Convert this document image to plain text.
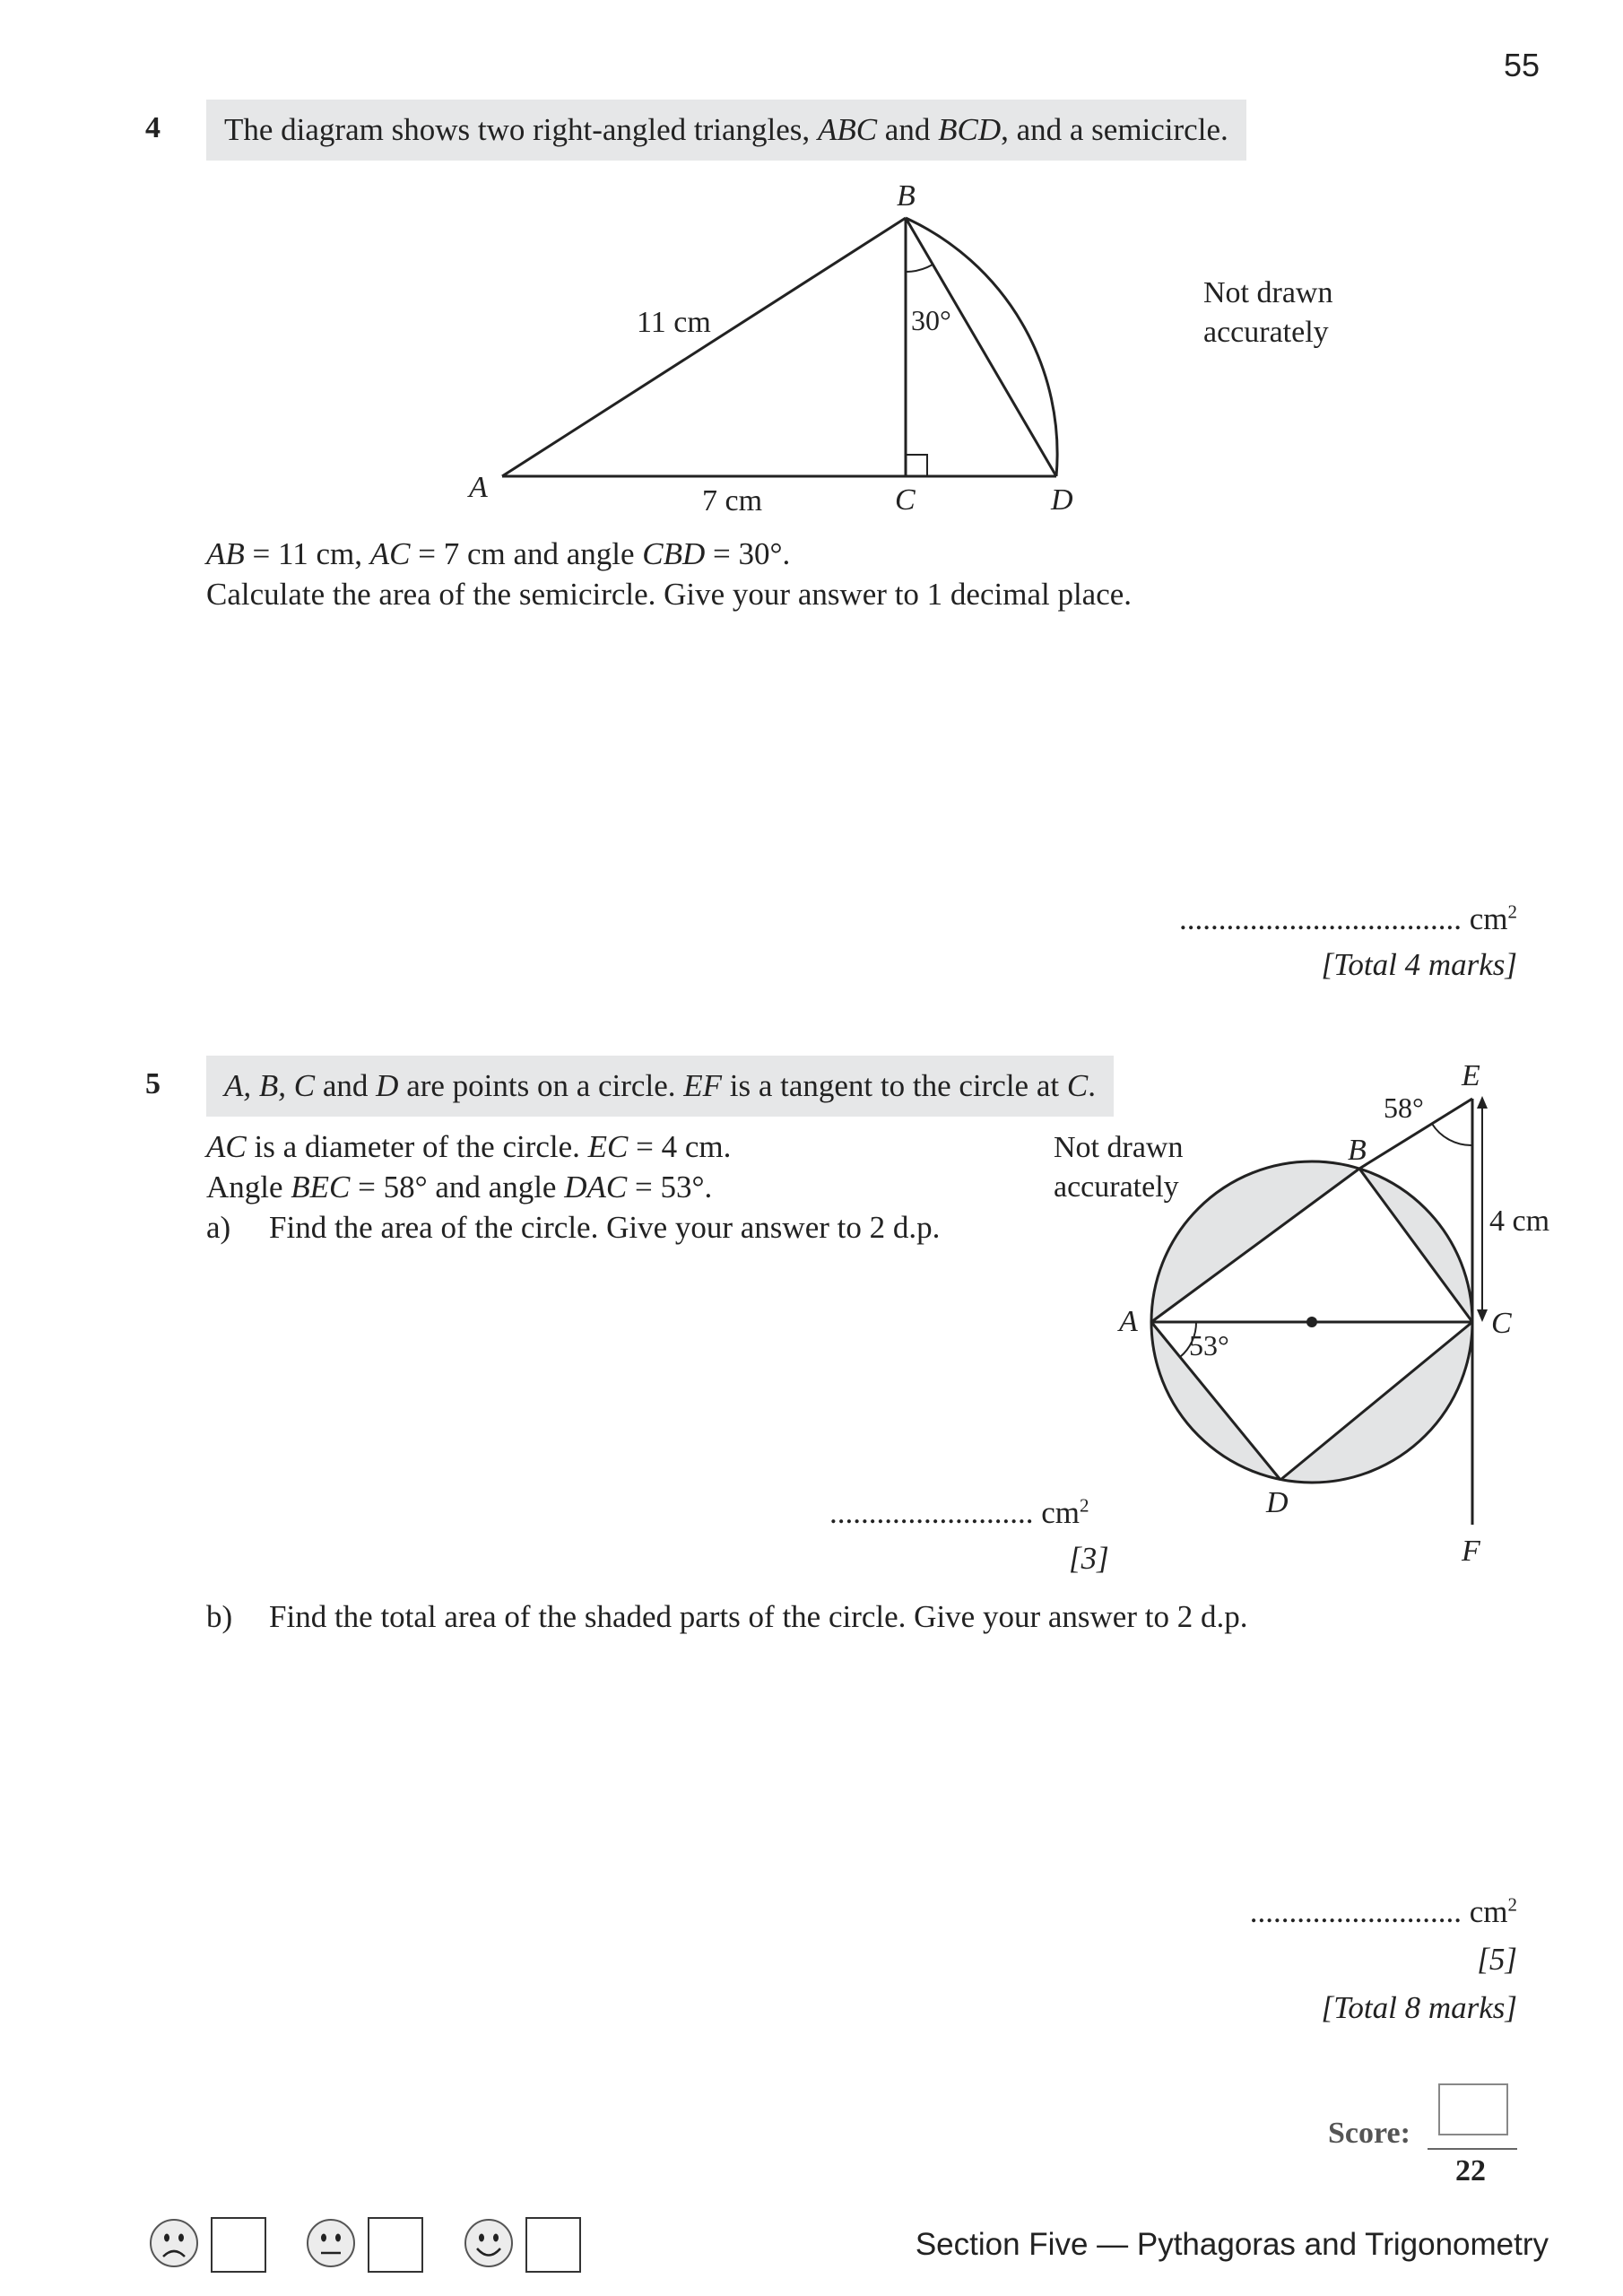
55
4	The diagram shows two right-angled triangles, ABC and BCD, and a semicircle.
B
A	C	D
11 cm
7 cm
30°
Not drawn
accurately
AB = 11 cm, AC = 7 cm and angle CBD = 30°.
Calculate the area of the semicircle. Give your answer to 1 decimal place.
.................................... $cm^2$
[Total 4 marks]
5	A, B, C and D are points on a circle. EF is a tangent to the circle at C.
AC is a diameter of the circle. EC = 4 cm.
Angle BEC = 58° and angle DAC = 53°.
a) Find the area of the circle. Give your answer to 2 d.p.
Not drawn
accurately
A
B
C
D
E
F
58°
53°
4 cm
.......................... $cm^2$
[3]
b) Find the total area of the shaded parts of the circle. Give your answer to 2 d.p.
........................... $cm^2$
[5]
[Total 8 marks]
Score:
22
Section Five — Pythagoras and Trigonometry
